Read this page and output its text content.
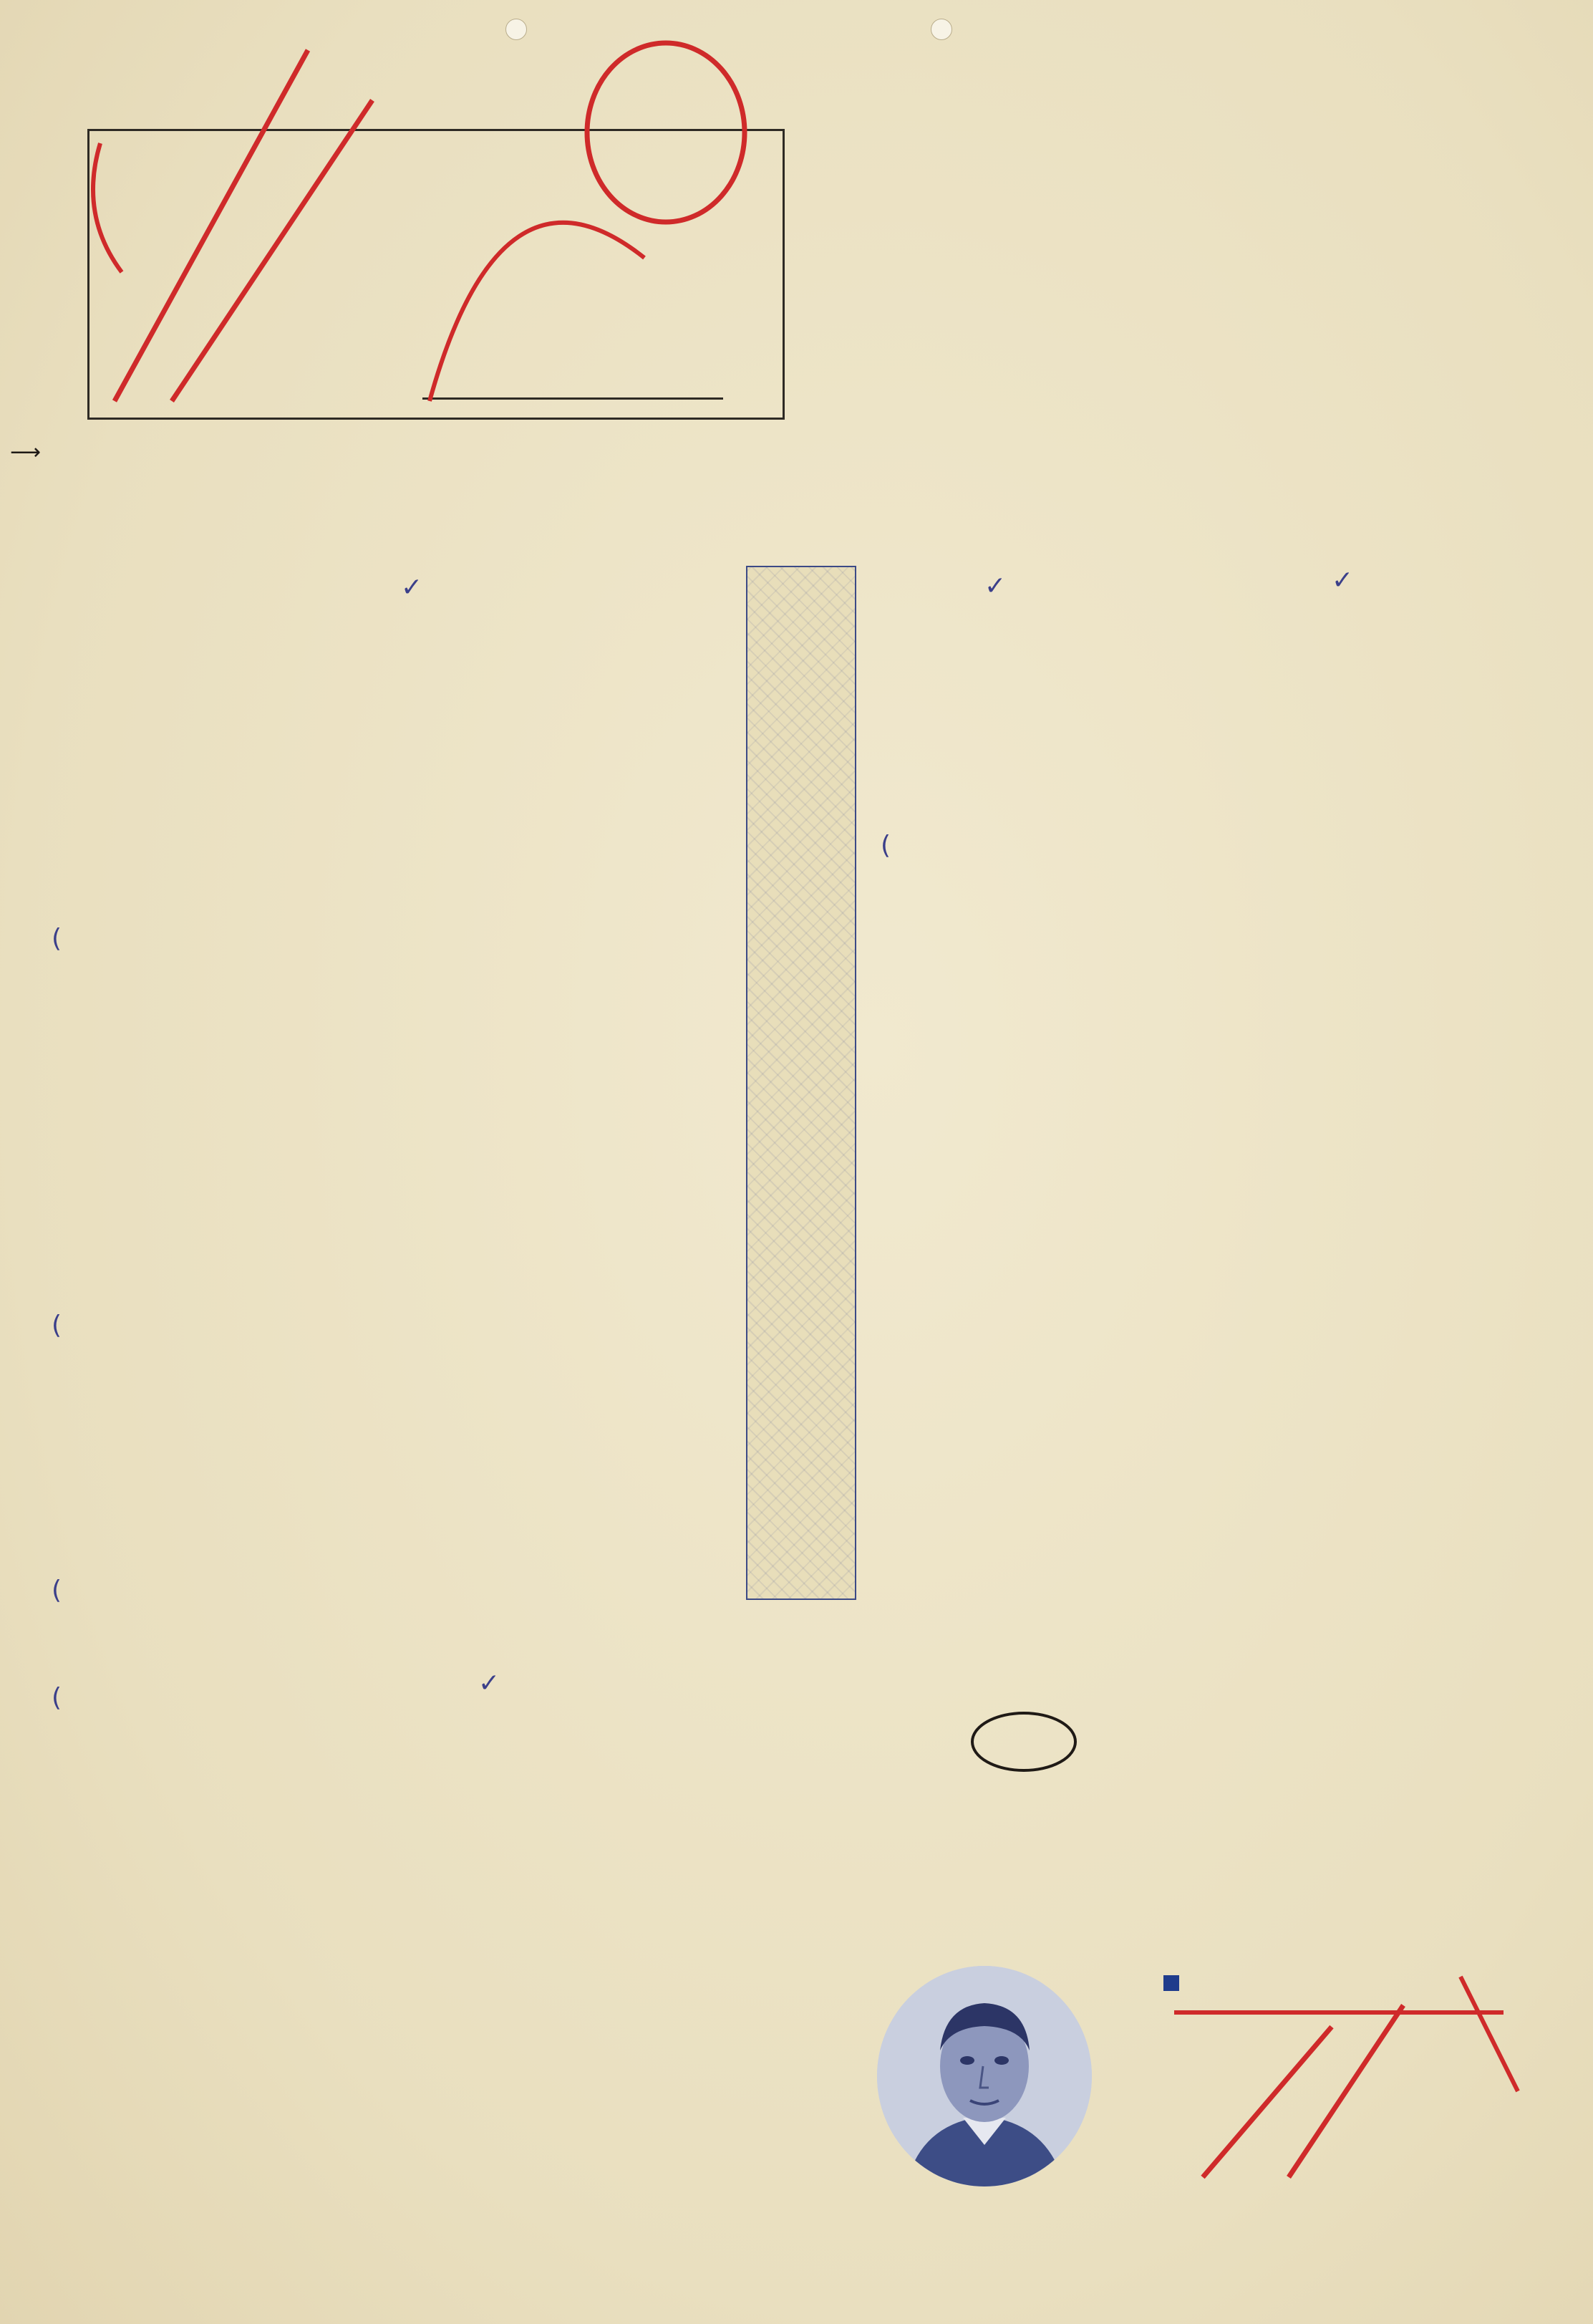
✓	✓
✓
✓
(
(
(
(
(
⟶
